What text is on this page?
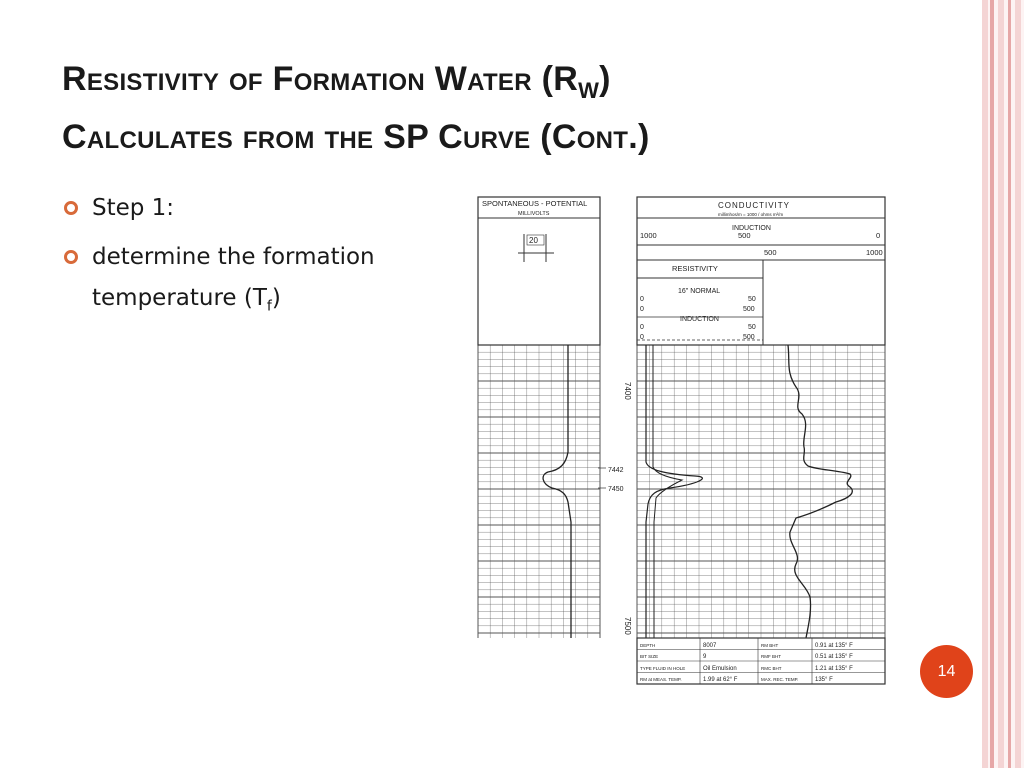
Resistivity of Formation Water $(R_W)$
Calculates from the SP Curve (Cont.)
Step 1:
determine the formation temperature $(T_f)$
SPONTANEOUS - POTENTIAL
MILLIVOLTS
20
CONDUCTIVITY
millimhos/m = 1000 / ohms m²/m
INDUCTION
1000	500	0
500	1000
RESISTIVITY
16" NORMAL
0	50
0	500
INDUCTION
0	50
0	500
7400
7442
7450
7500
DEPTH	8007	RM BHT	0.91 at 135° F
BIT SIZE	9	RMF BHT	0.51 at 135° F
TYPE FLUID IN HOLE	Oil Emulsion	RMC BHT	1.21 at 135° F
RM at MEAS. TEMP.	1.99 at 62° F	MAX. REC. TEMP.	135° F	14
